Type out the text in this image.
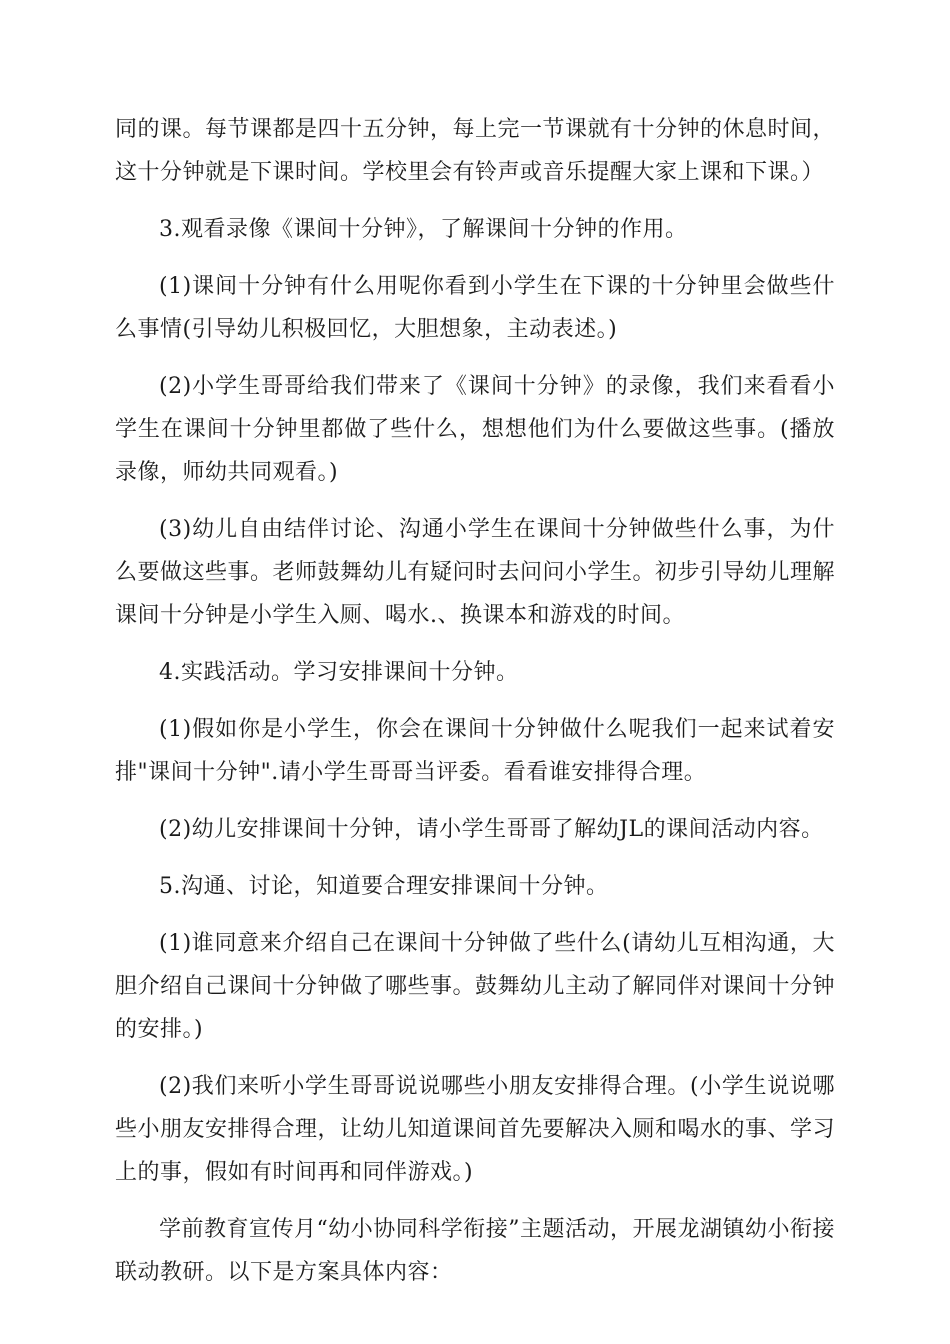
同的课。每节课都是四十五分钟，每上完一节课就有十分钟的休息时间，这十分钟就是下课时间。学校里会有铃声或音乐提醒大家上课和下课。）

3.观看录像《课间十分钟》，了解课间十分钟的作用。

(1)课间十分钟有什么用呢你看到小学生在下课的十分钟里会做些什么事情(引导幼儿积极回忆，大胆想象，主动表述。)

(2)小学生哥哥给我们带来了《课间十分钟》的录像，我们来看看小学生在课间十分钟里都做了些什么，想想他们为什么要做这些事。(播放录像，师幼共同观看。)

(3)幼儿自由结伴讨论、沟通小学生在课间十分钟做些什么事，为什么要做这些事。老师鼓舞幼儿有疑问时去问问小学生。初步引导幼儿理解课间十分钟是小学生入厕、喝水.、换课本和游戏的时间。

4.实践活动。学习安排课间十分钟。

(1)假如你是小学生，你会在课间十分钟做什么呢我们一起来试着安排"课间十分钟".请小学生哥哥当评委。看看谁安排得合理。

(2)幼儿安排课间十分钟，请小学生哥哥了解幼JL的课间活动内容。

5.沟通、讨论，知道要合理安排课间十分钟。

(1)谁同意来介绍自己在课间十分钟做了些什么(请幼儿互相沟通，大胆介绍自己课间十分钟做了哪些事。鼓舞幼儿主动了解同伴对课间十分钟的安排。)

(2)我们来听小学生哥哥说说哪些小朋友安排得合理。(小学生说说哪些小朋友安排得合理，让幼儿知道课间首先要解决入厕和喝水的事、学习上的事，假如有时间再和同伴游戏。)

学前教育宣传月“幼小协同科学衔接”主题活动，开展龙湖镇幼小衔接联动教研。以下是方案具体内容：
